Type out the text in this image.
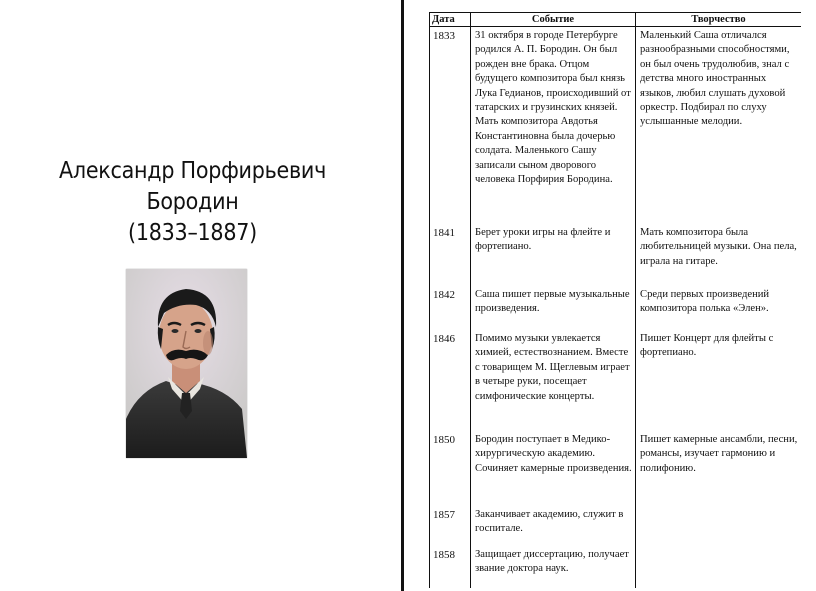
Александр Порфирьевич
Бородин
(1833–1887)
Дата	Событие	Творчество
1833	31 октября в городе Петербурге родился А. П. Бородин. Он был рожден вне брака. Отцом будущего композитора был князь Лука Гедианов, происходивший от татарских и грузинских князей. Мать композитора Авдотья Константиновна была дочерью солдата. Маленького Сашу записали сыном дворового человека Порфирия Бородина.	Маленький Саша отличался разнообразными способностями, он был очень трудолюбив, знал с детства много иностранных языков, любил слушать духовой оркестр. Подбирал по слуху услышанные мелодии.
1841	Берет уроки игры на флейте и фортепиано.	Мать композитора была любительницей музыки. Она пела, играла на гитаре.
1842	Саша пишет первые музыкальные произведения.	Среди первых произведений композитора полька «Элен».
1846	Помимо музыки увлекается химией, естествознанием. Вместе с товарищем М. Щеглевым играет в четыре руки, посещает симфонические концерты.	Пишет Концерт для флейты с фортепиано.
1850	Бородин поступает в Медико-хирургическую академию. Сочиняет камерные произведения.	Пишет камерные ансамбли, песни, романсы, изучает гармонию и полифонию.
1857	Заканчивает академию, служит в госпитале.	
1858	Защищает диссертацию, получает звание доктора наук.	
